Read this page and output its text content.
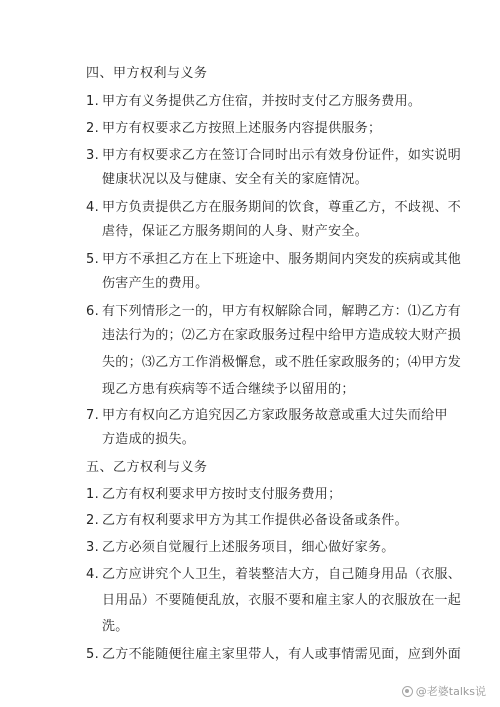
四、甲方权利与义务
1. 甲方有义务提供乙方住宿，并按时支付乙方服务费用。
2. 甲方有权要求乙方按照上述服务内容提供服务；
3. 甲方有权要求乙方在签订合同时出示有效身份证件，如实说明
健康状况以及与健康、安全有关的家庭情况。
4. 甲方负责提供乙方在服务期间的饮食，尊重乙方，不歧视、不
虐待，保证乙方服务期间的人身、财产安全。
5. 甲方不承担乙方在上下班途中、服务期间内突发的疾病或其他
伤害产生的费用。
6. 有下列情形之一的，甲方有权解除合同，解聘乙方：⑴乙方有
违法行为的；⑵乙方在家政服务过程中给甲方造成较大财产损
失的；⑶乙方工作消极懈怠，或不胜任家政服务的；⑷甲方发
现乙方患有疾病等不适合继续予以留用的；
7. 甲方有权向乙方追究因乙方家政服务故意或重大过失而给甲
方造成的损失。
五、乙方权利与义务
1. 乙方有权利要求甲方按时支付服务费用；
2. 乙方有权利要求甲方为其工作提供必备设备或条件。
3. 乙方必须自觉履行上述服务项目，细心做好家务。
4. 乙方应讲究个人卫生，着装整洁大方，自己随身用品（衣服、
日用品）不要随便乱放，衣服不要和雇主家人的衣服放在一起
洗。
5. 乙方不能随便往雇主家里带人，有人或事情需见面，应到外面
@老婆talks说
